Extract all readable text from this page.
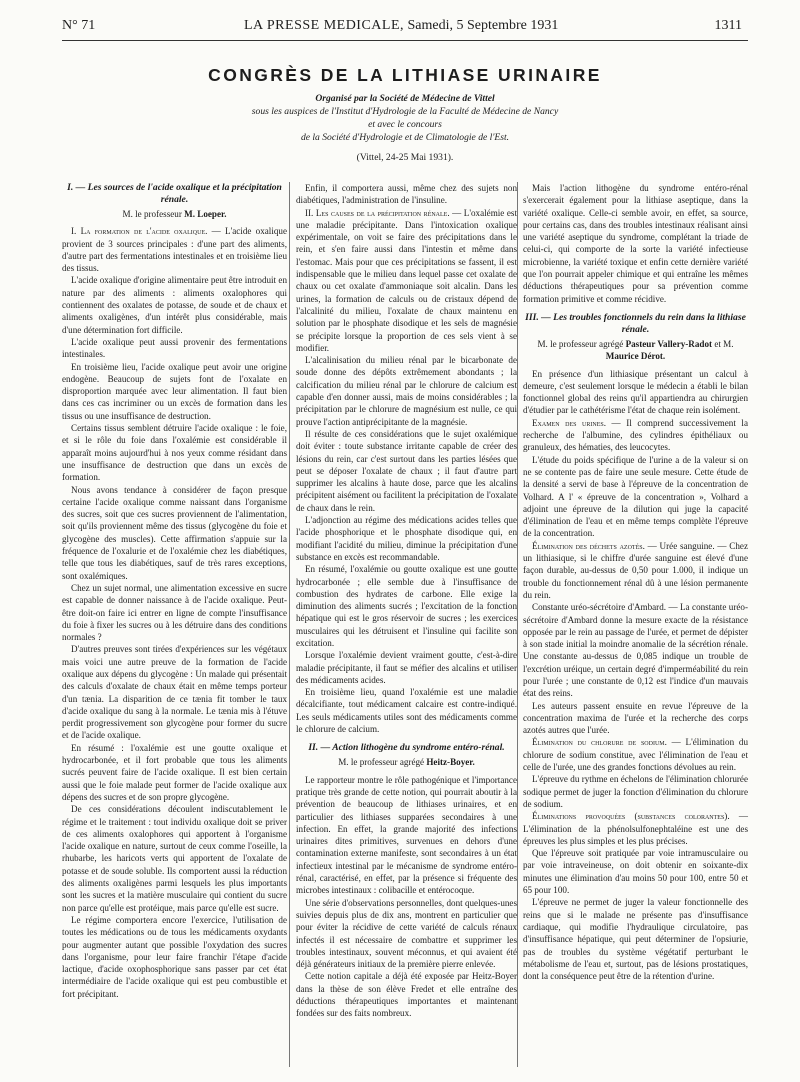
N° 71	LA PRESSE MEDICALE, Samedi, 5 Septembre 1931	1311
CONGRÈS DE LA LITHIASE URINAIRE
Organisé par la Société de Médecine de Vittel
sous les auspices de l'Institut d'Hydrologie de la Faculté de Médecine de Nancy
et avec le concours
de la Société d'Hydrologie et de Climatologie de l'Est.
(Vittel, 24-25 Mai 1931).
I. — Les sources de l'acide oxalique et la précipitation rénale.
M. le professeur M. Loeper.

I. La formation de l'acide oxalique. — L'acide oxalique provient de 3 sources principales : d'une part des aliments, d'autre part des fermentations intestinales et en troisième lieu des tissus.

L'acide oxalique d'origine alimentaire peut être introduit en nature par des aliments : aliments oxalophores qui contiennent des oxalates de potasse, de soude et de chaux et aliments oxaligènes, d'un intérêt plus considérable, mais d'une détermination fort difficile.

L'acide oxalique peut aussi provenir des fermentations intestinales.

En troisième lieu, l'acide oxalique peut avoir une origine endogène. Beaucoup de sujets font de l'oxalate en disproportion marquée avec leur alimentation. Il faut bien dans ces cas incriminer ou un excès de formation dans les tissus ou une insuffisance de destruction.

Certains tissus semblent détruire l'acide oxalique : le foie, et si le rôle du foie dans l'oxalémie est considérable il apparaît moins aujourd'hui à nos yeux comme résidant dans une insuffisance de destruction que dans un excès de formation.

Nous avons tendance à considérer de façon presque certaine l'acide oxalique comme naissant dans l'organisme des sucres, soit que ces sucres proviennent de l'alimentation, soit qu'ils proviennent même des tissus (glycogène du foie et glycogène des muscles). Cette affirmation s'appuie sur la fréquence de l'oxalurie et de l'oxalémie chez les diabétiques, telle que tous les diabétiques, sauf de très rares exceptions, sont oxalémiques.

Chez un sujet normal, une alimentation excessive en sucre est capable de donner naissance à de l'acide oxalique. Peut-être doit-on faire ici entrer en ligne de compte l'insuffisance du foie à fixer les sucres ou à les détruire dans des conditions normales ?

D'autres preuves sont tirées d'expériences sur les végétaux mais voici une autre preuve de la formation de l'acide oxalique aux dépens du glycogène : Un malade qui présentait des calculs d'oxalate de chaux était en même temps porteur d'un tænia. La disparition de ce tænia fit tomber le taux d'acide oxalique du sang à la normale. Le tænia mis à l'étuve perdit progressivement son glycogène pour former du sucre et de l'acide oxalique.

En résumé : l'oxalémie est une goutte oxalique et hydrocarbonée, et il fort probable que tous les aliments sucrés peuvent faire de l'acide oxalique. Il est bien certain aussi que le foie malade peut former de l'acide oxalique aux dépens des sucres et de son propre glycogène.

De ces considérations découlent indiscutablement le régime et le traitement : tout individu oxalique doit se priver de ces aliments oxalophores qui apportent à l'organisme l'acide oxalique en nature, surtout de ceux comme l'oseille, la rhubarbe, les haricots verts qui apportent de l'oxalate de potasse et de soude soluble. Ils comportent aussi la réduction des aliments oxaligènes parmi lesquels les plus importants sont les sucres et la matière musculaire qui contient du sucre non parce qu'elle est protéique, mais parce qu'elle est sucre.

Le régime comportera encore l'exercice, l'utilisation de toutes les médications ou de tous les médicaments oxydants pour augmenter autant que possible l'oxydation des sucres dans l'organisme, pour leur faire franchir l'étape d'acide lactique, d'acide oxophosphorique sans passer par cet état intermédiaire de l'acide oxalique qui est peu combustible et fort précipitant.

Enfin, il comportera aussi, même chez des sujets non diabétiques, l'administration de l'insuline.

II. Les causes de la précipitation rénale. — L'oxalémie est une maladie précipitante. Dans l'intoxication oxalique expérimentale, on voit se faire des précipitations dans le rein, et s'en faire aussi dans l'intestin et même dans l'estomac. Mais pour que ces précipitations se fassent, il est indispensable que le milieu dans lequel passe cet oxalate de chaux ou cet oxalate d'ammoniaque soit alcalin. Dans les urines, la formation de calculs ou de cristaux dépend de l'alcalinité du milieu, l'oxalate de chaux maintenu en solution par le phosphate disodique et les sels de magnésie se précipite lorsque la proportion de ces sels vient à se modifier.

L'alcalinisation du milieu rénal par le bicarbonate de soude donne des dépôts extrêmement abondants ; la calcification du milieu rénal par le chlorure de calcium est capable d'en donner aussi, mais de moins considérables ; la précipitation par le chlorure de magnésium est nulle, ce qui prouve l'action antiprécipitante de la magnésie.

Il résulte de ces considérations que le sujet oxalémique doit éviter : toute substance irritante capable de créer des lésions du rein, car c'est surtout dans les parties lésées que peut se déposer l'oxalate de chaux ; il faut d'autre part supprimer les alcalins à haute dose, parce que les alcalins précipitent aisément ou facilitent la précipitation de l'oxalate de chaux dans le rein.

L'adjonction au régime des médications acides telles que l'acide phosphorique et le phosphate disodique qui, en modifiant l'acidité du milieu, diminue la précipitation d'une substance en excès est recommandable.

En résumé, l'oxalémie ou goutte oxalique est une goutte hydrocarbonée ; elle semble due à l'insuffisance de combustion des hydrates de carbone. Elle exige la diminution des aliments sucrés ; l'excitation de la fonction hépatique qui est le gros réservoir de sucres ; les exercices musculaires qui les détruisent et l'insuline qui facilite son excitation.

Lorsque l'oxalémie devient vraiment goutte, c'est-à-dire maladie précipitante, il faut se méfier des alcalins et utiliser des médicaments acides.

En troisième lieu, quand l'oxalémie est une maladie décalcifiante, tout médicament calcaire est contre-indiqué. Les seuls médicaments utiles sont des médicaments comme le chlorure de calcium.

II. — Action lithogène du syndrome entéro-rénal.
M. le professeur agrégé Heitz-Boyer.

Le rapporteur montre le rôle pathogénique et l'importance pratique très grande de cette notion, qui pourrait aboutir à la prévention de beaucoup de lithiases urinaires, et en particulier des lithiases supparées secondaires à une infection. En effet, la grande majorité des infections urinaires dites primitives, survenues en dehors d'une contamination externe manifeste, sont secondaires à un état infectieux intestinal par le mécanisme de syndrome entéro-rénal, caractérisé, en effet, par la présence si fréquente des microbes intestinaux : colibacille et entérocoque.

Une série d'observations personnelles, dont quelques-unes suivies depuis plus de dix ans, montrent en particulier que pour éviter la récidive de cette variété de calculs rénaux infectés il est nécessaire de combattre et supprimer les troubles intestinaux, souvent méconnus, et qui avaient été déjà générateurs initiaux de la première pierre enlevée.

Cette notion capitale a déjà été exposée par Heitz-Boyer dans la thèse de son élève Fredet et elle entraîne des déductions thérapeutiques importantes et maintenant fondées sur des faits nombreux.

Mais l'action lithogène du syndrome entéro-rénal s'exercerait également pour la lithiase aseptique, dans la variété oxalique. Celle-ci semble avoir, en effet, sa source, pour certains cas, dans des troubles intestinaux réalisant ainsi une variété aseptique du syndrome, complétant la triade de celui-ci, qui comporte de la sorte la variété infectieuse microbienne, la variété toxique et enfin cette dernière variété que l'on pourrait appeler chimique et qui entraîne les mêmes déductions thérapeutiques pour sa prévention comme formation primitive et comme récidive.

III. — Les troubles fonctionnels du rein dans la lithiase rénale.
M. le professeur agrégé Pasteur Vallery-Radot et M. Maurice Dérot.

En présence d'un lithiasique présentant un calcul à demeure, c'est seulement lorsque le médecin a établi le bilan fonctionnel global des reins qu'il appartiendra au chirurgien d'étudier par le cathétérisme l'état de chaque rein isolément.

Examen des urines. — Il comprend successivement la recherche de l'albumine, des cylindres épithéliaux ou granuleux, des hématies, des leucocytes.

L'étude du poids spécifique de l'urine a de la valeur si on ne se contente pas de faire une seule mesure. Cette étude de la densité a servi de base à l'épreuve de la concentration de Volhard. A l' « épreuve de la concentration », Volhard a adjoint une épreuve de la dilution qui juge la capacité d'élimination de l'eau et en même temps complète l'épreuve de la concentration.

Élimination des déchets azotés. — Urée sanguine. — Chez un lithiasique, si le chiffre d'urée sanguine est élevé d'une façon durable, au-dessus de 0,50 pour 1.000, il indique un trouble du fonctionnement rénal dû à une lésion permanente du rein.

Constante uréo-sécrétoire d'Ambard. — La constante uréo-sécrétoire d'Ambard donne la mesure exacte de la résistance opposée par le rein au passage de l'urée, et permet de dépister à son stade initial la moindre anomalie de la sécrétion rénale. Une constante au-dessus de 0,085 indique un trouble de l'excrétion uréique, un certain degré d'imperméabilité du rein pour l'urée ; une constante de 0,12 est l'indice d'un mauvais état des reins.

Les auteurs passent ensuite en revue l'épreuve de la concentration maxima de l'urée et la recherche des corps azotés autres que l'urée.

Élimination du chlorure de sodium. — L'élimination du chlorure de sodium constitue, avec l'élimination de l'eau et celle de l'urée, une des grandes fonctions dévolues au rein.

L'épreuve du rythme en échelons de l'élimination chlorurée sodique permet de juger la fonction d'élimination du chlorure de sodium.

Éliminations provoquées (substances colorantes). — L'élimination de la phénolsulfonephtaléine est une des épreuves les plus simples et les plus précises.

Que l'épreuve soit pratiquée par voie intramusculaire ou par voie intraveineuse, on doit obtenir en soixante-dix minutes une élimination d'au moins 50 pour 100, entre 50 et 65 pour 100.

L'épreuve ne permet de juger la valeur fonctionnelle des reins que si le malade ne présente pas d'insuffisance cardiaque, qui modifie l'hydraulique circulatoire, pas d'insuffisance hépatique, qui peut déterminer de l'opsiurie, pas de troubles du système végétatif perturbant le métabolisme de l'eau et, surtout, pas de lésions prostatiques, dont la conséquence peut être de la rétention d'urine.
